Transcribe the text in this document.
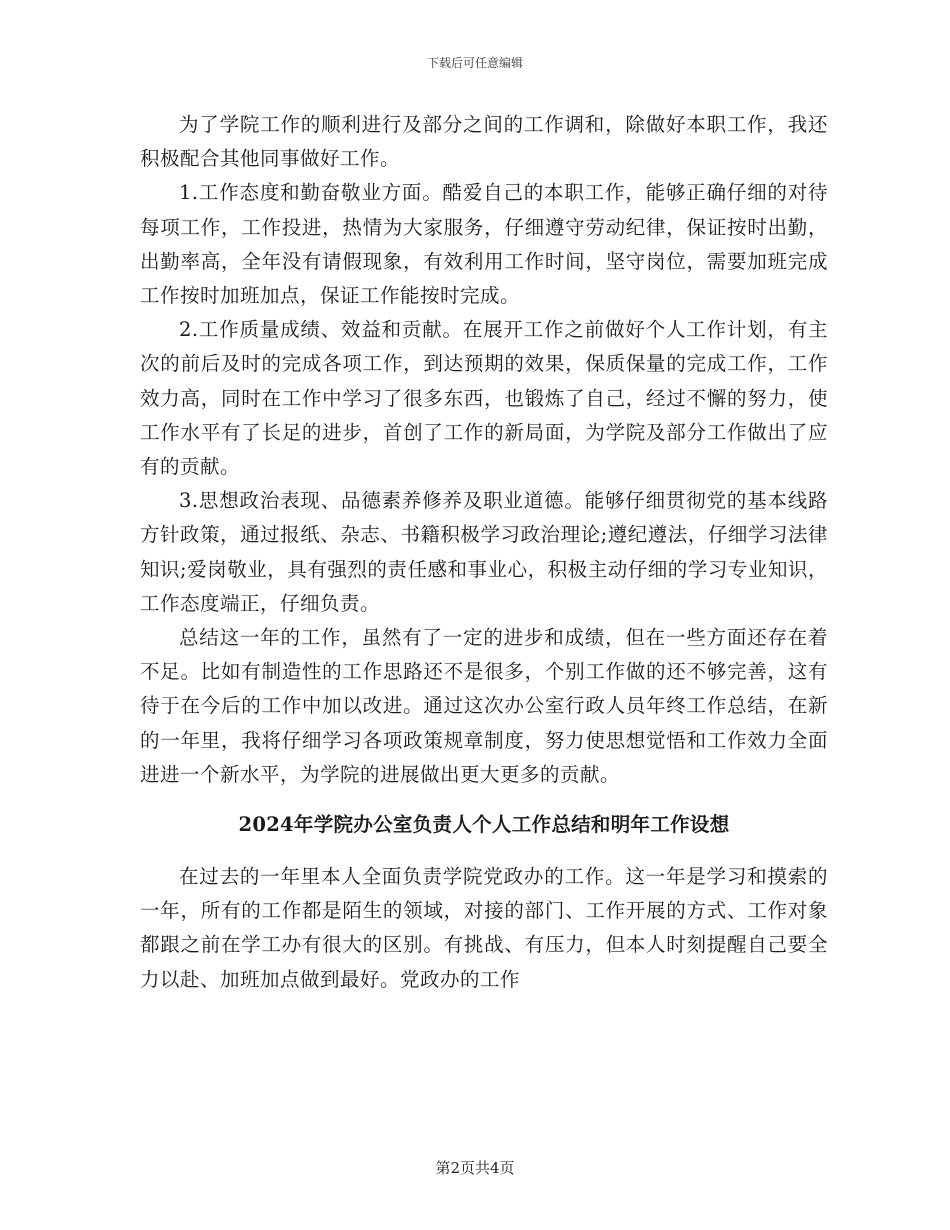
下载后可任意编辑

为了学院工作的顺利进行及部分之间的工作调和，除做好本职工作，我还积极配合其他同事做好工作。

1.工作态度和勤奋敬业方面。酷爱自己的本职工作，能够正确仔细的对待每项工作，工作投进，热情为大家服务，仔细遵守劳动纪律，保证按时出勤，出勤率高，全年没有请假现象，有效利用工作时间，坚守岗位，需要加班完成工作按时加班加点，保证工作能按时完成。

2.工作质量成绩、效益和贡献。在展开工作之前做好个人工作计划，有主次的前后及时的完成各项工作，到达预期的效果，保质保量的完成工作，工作效力高，同时在工作中学习了很多东西，也锻炼了自己，经过不懈的努力，使工作水平有了长足的进步，首创了工作的新局面，为学院及部分工作做出了应有的贡献。

3.思想政治表现、品德素养修养及职业道德。能够仔细贯彻党的基本线路方针政策，通过报纸、杂志、书籍积极学习政治理论;遵纪遵法，仔细学习法律知识;爱岗敬业，具有强烈的责任感和事业心，积极主动仔细的学习专业知识，工作态度端正，仔细负责。

总结这一年的工作，虽然有了一定的进步和成绩，但在一些方面还存在着不足。比如有制造性的工作思路还不是很多，个别工作做的还不够完善，这有待于在今后的工作中加以改进。通过这次办公室行政人员年终工作总结，在新的一年里，我将仔细学习各项政策规章制度，努力使思想觉悟和工作效力全面进进一个新水平，为学院的进展做出更大更多的贡献。

2024年学院办公室负责人个人工作总结和明年工作设想

在过去的一年里本人全面负责学院党政办的工作。这一年是学习和摸索的一年，所有的工作都是陌生的领域，对接的部门、工作开展的方式、工作对象都跟之前在学工办有很大的区别。有挑战、有压力，但本人时刻提醒自己要全力以赴、加班加点做到最好。党政办的工作

第2页共4页
